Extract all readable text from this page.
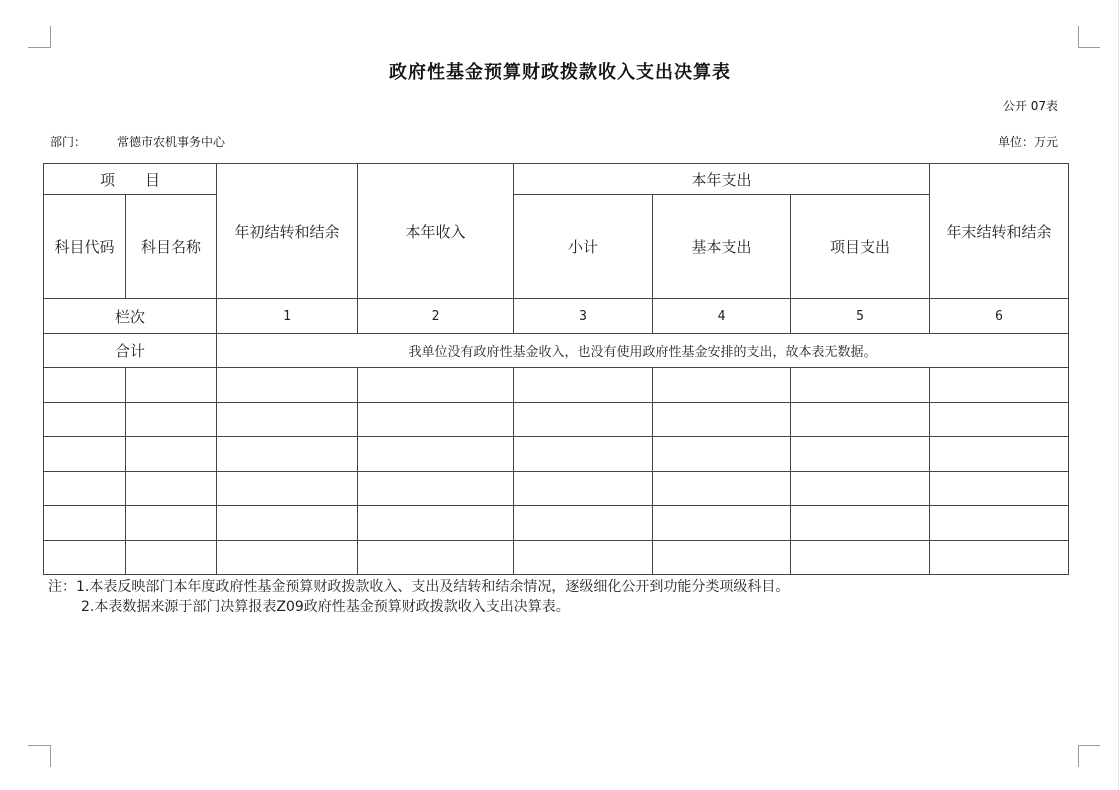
政府性基金预算财政拨款收入支出决算表
公开 07表
部门：	常德市农机事务中心	单位：万元
项　　目		年初结转和结余	本年收入	本年支出			年末结转和结余
科目代码	科目名称			小计	基本支出	项目支出	
栏次		1	2	3	4	5	6
合计		我单位没有政府性基金收入，也没有使用政府性基金安排的支出，故本表无数据。					

注：1.本表反映部门本年度政府性基金预算财政拨款收入、支出及结转和结余情况，逐级细化公开到功能分类项级科目。
2.本表数据来源于部门决算报表Z09政府性基金预算财政拨款收入支出决算表。
